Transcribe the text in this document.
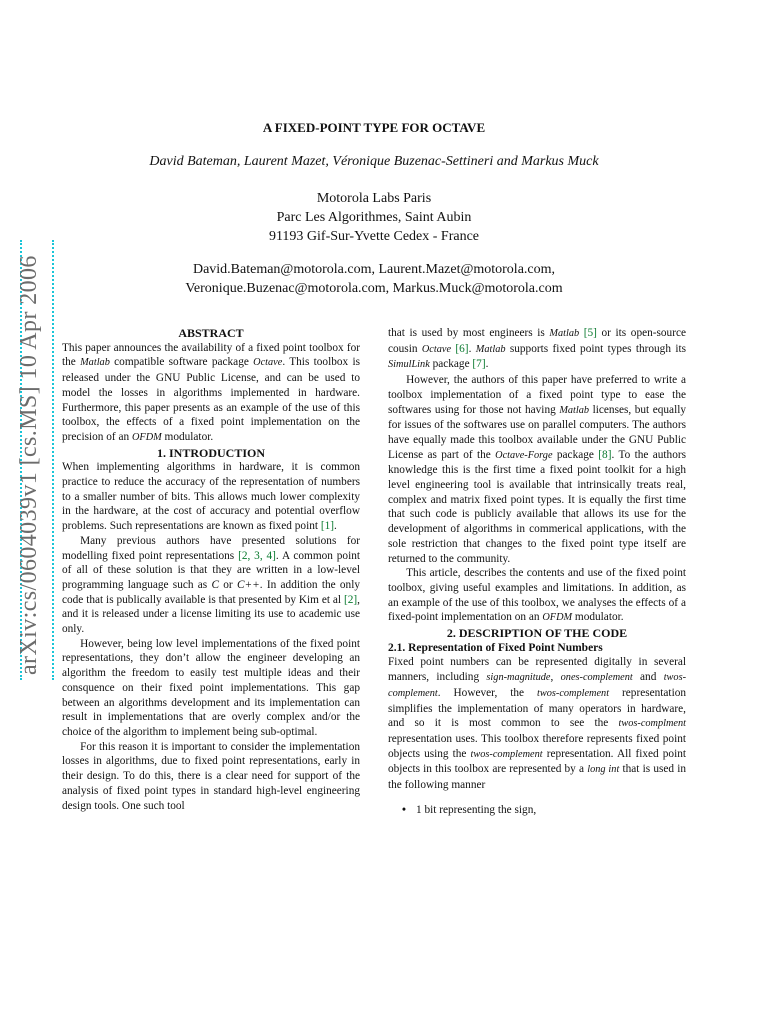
arXiv:cs/0604039v1 [cs.MS] 10 Apr 2006
A FIXED-POINT TYPE FOR OCTAVE
David Bateman, Laurent Mazet, Véronique Buzenac-Settineri and Markus Muck
Motorola Labs Paris
Parc Les Algorithmes, Saint Aubin
91193 Gif-Sur-Yvette Cedex - France
David.Bateman@motorola.com, Laurent.Mazet@motorola.com,
Veronique.Buzenac@motorola.com, Markus.Muck@motorola.com
ABSTRACT

This paper announces the availability of a fixed point toolbox for the Matlab compatible software package Octave. This toolbox is released under the GNU Public License, and can be used to model the losses in algorithms implemented in hardware. Furthermore, this paper presents as an example of the use of this toolbox, the effects of a fixed point implementation on the precision of an OFDM modulator.

1. INTRODUCTION

When implementing algorithms in hardware, it is common practice to reduce the accuracy of the representation of numbers to a smaller number of bits. This allows much lower complexity in the hardware, at the cost of accuracy and potential overflow problems. Such representations are known as fixed point [1].

Many previous authors have presented solutions for modelling fixed point representations [2, 3, 4]. A common point of all of these solution is that they are written in a low-level programming language such as C or C++. In addition the only code that is publically available is that presented by Kim et al [2], and it is released under a license limiting its use to academic use only.

However, being low level implementations of the fixed point representations, they don’t allow the engineer developing an algorithm the freedom to easily test multiple ideas and their consquence on their fixed point implementations. This gap between an algorithms development and its implementation can result in implementations that are overly complex and/or the choice of the algorithm to implement being sub-optimal.

For this reason it is important to consider the implementation losses in algorithms, due to fixed point representations, early in their design. To do this, there is a clear need for support of the analysis of fixed point types in standard high-level engineering design tools. One such tool

that is used by most engineers is Matlab [5] or its open-source cousin Octave [6]. Matlab supports fixed point types through its SimulLink package [7].

However, the authors of this paper have preferred to write a toolbox implementation of a fixed point type to ease the softwares using for those not having Matlab licenses, but equally for issues of the softwares use on parallel computers. The authors have equally made this toolbox available under the GNU Public License as part of the Octave-Forge package [8]. To the authors knowledge this is the first time a fixed point toolkit for a high level engineering tool is available that intrinsically treats real, complex and matrix fixed point types. It is equally the first time that such code is publicly available that allows its use for the development of algorithms in commerical applications, with the sole restriction that changes to the fixed point type itself are returned to the community.

This article, describes the contents and use of the fixed point toolbox, giving useful examples and limitations. In addition, as an example of the use of this toolbox, we analyses the effects of a fixed-point implementation on an OFDM modulator.

2. DESCRIPTION OF THE CODE
2.1. Representation of Fixed Point Numbers

Fixed point numbers can be represented digitally in several manners, including sign-magnitude, ones-complement and twos-complement. However, the twos-complement representation simplifies the implementation of many operators in hardware, and so it is most common to see the twos-complment representation uses. This toolbox therefore represents fixed point objects using the twos-complement representation. All fixed point objects in this toolbox are represented by a long int that is used in the following manner

• 1 bit representing the sign,
